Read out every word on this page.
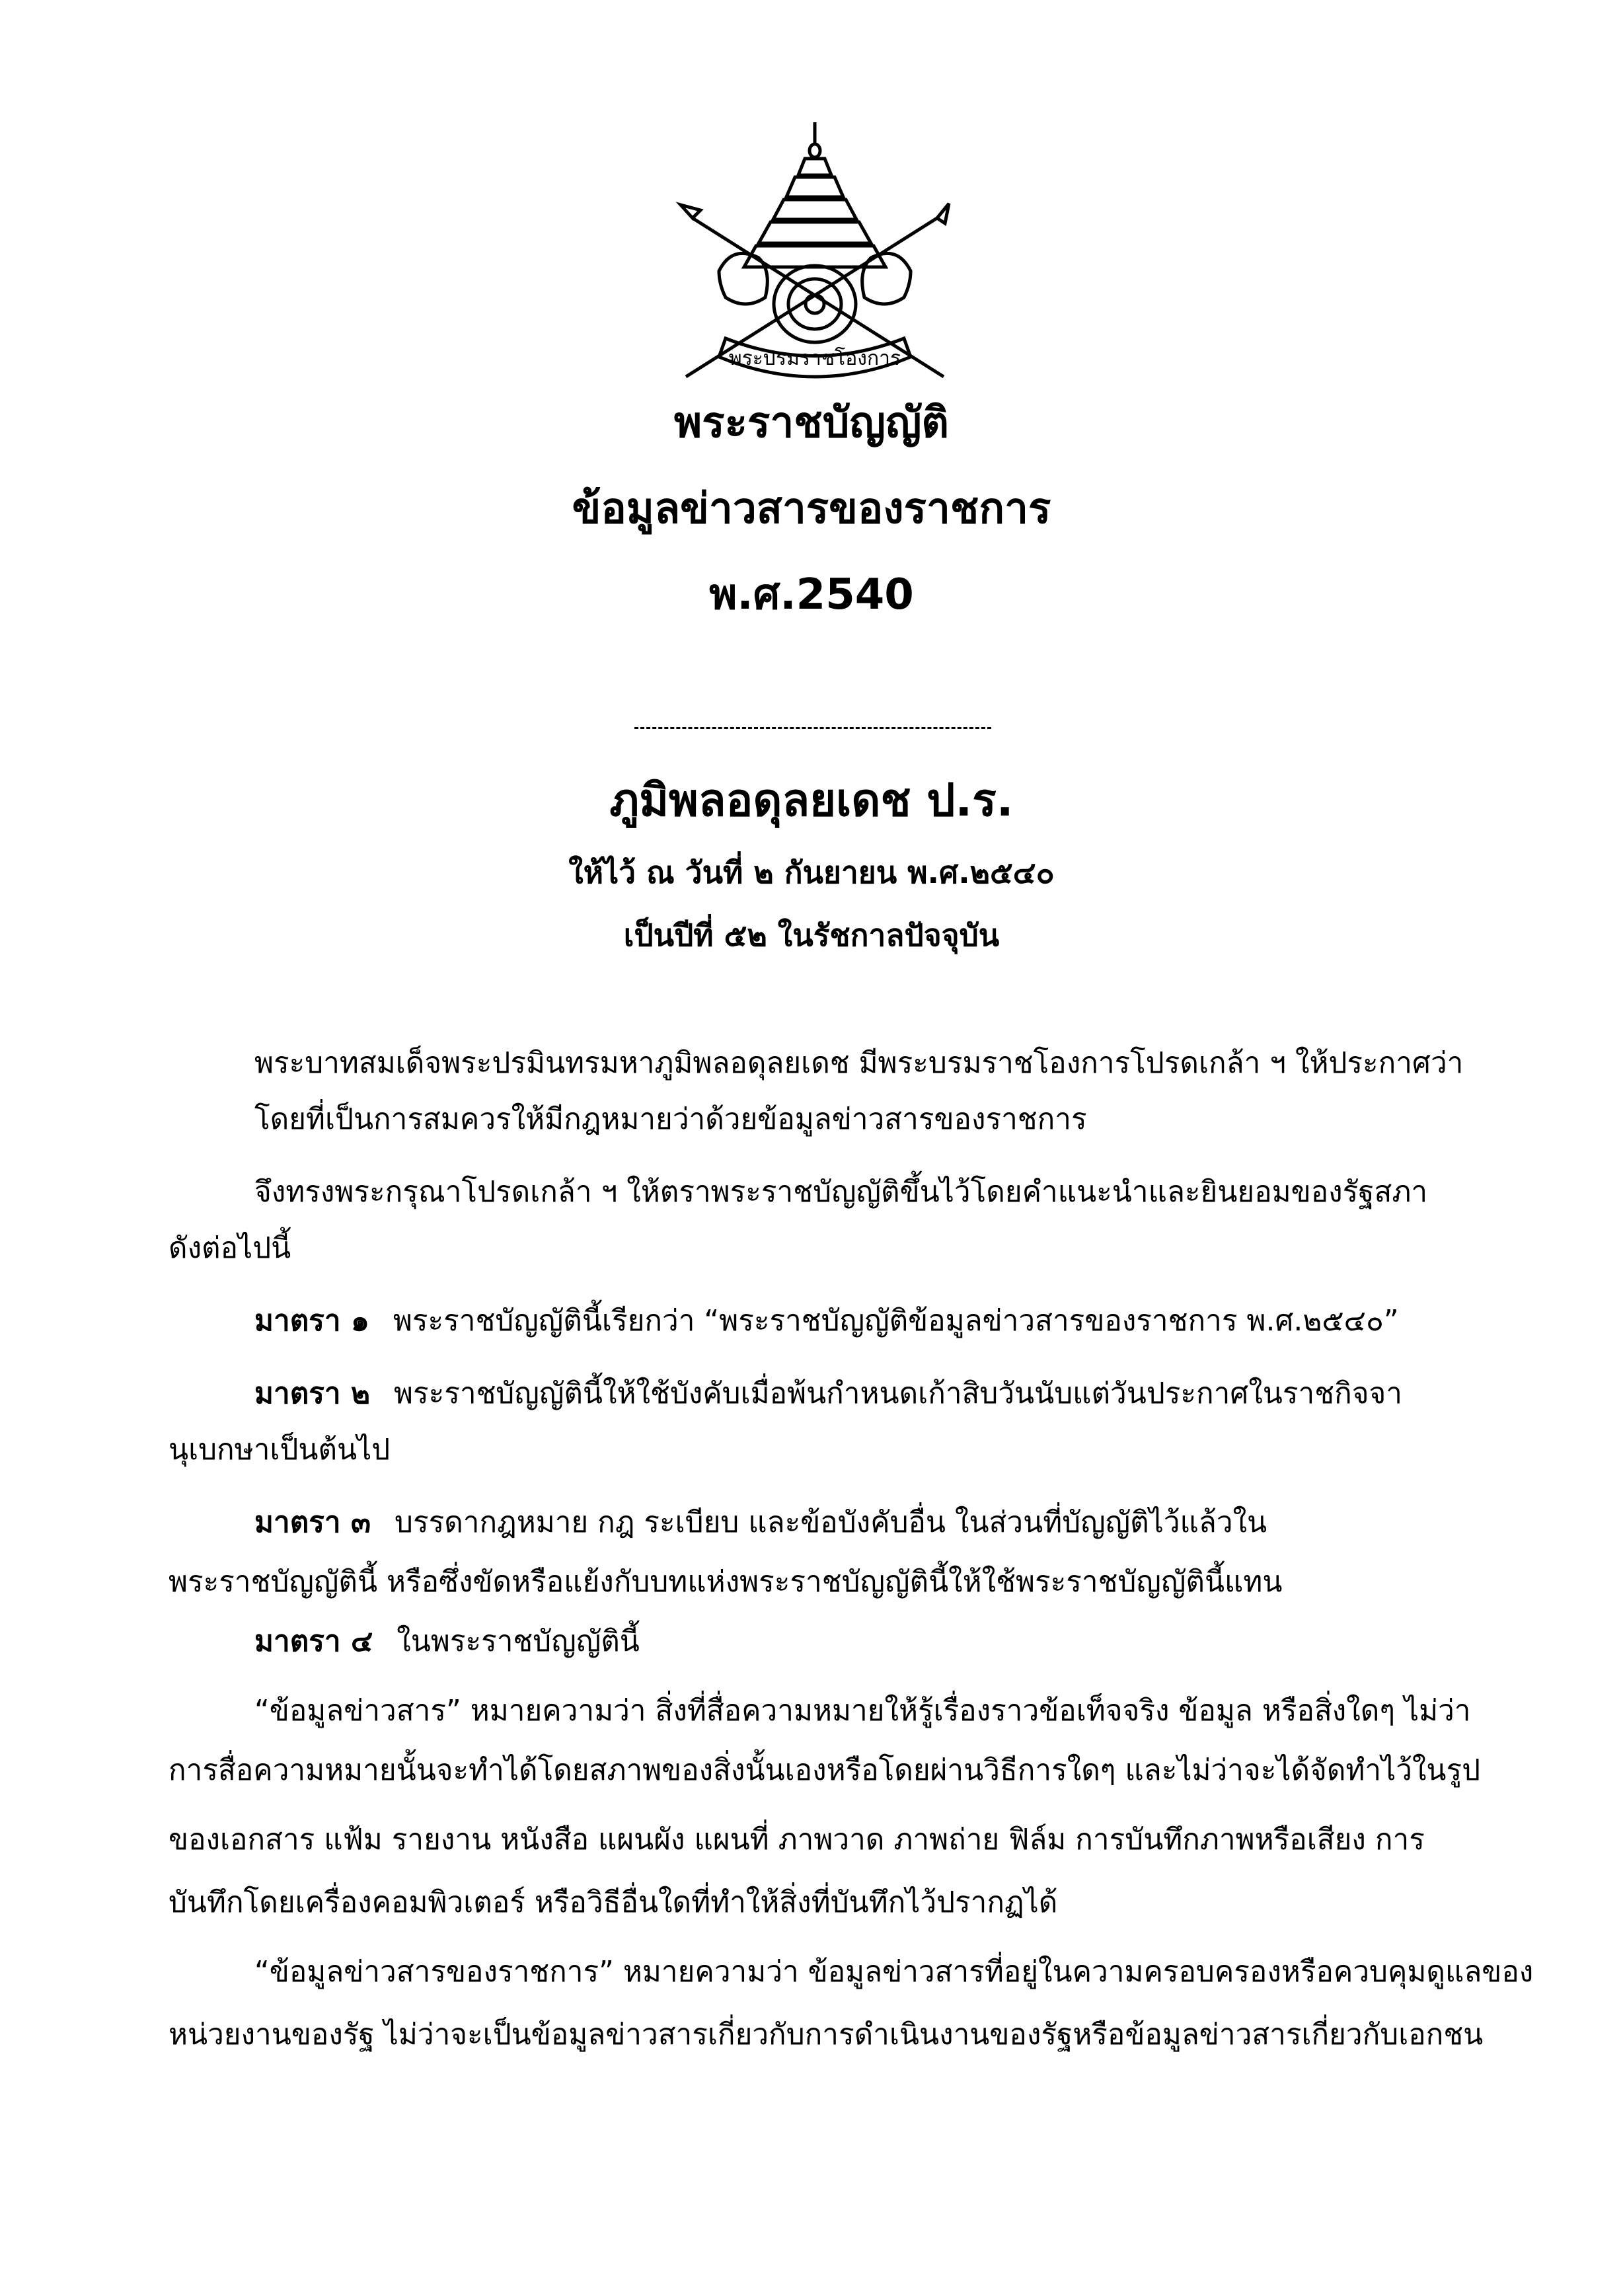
พระบรมราชโองการ
พระราชบัญญัติ
ข้อมูลข่าวสารของราชการ
พ.ศ.2540
ภูมิพลอดุลยเดช ป.ร.
ให้ไว้ ณ วันที่ ๒ กันยายน พ.ศ.๒๕๔๐
เป็นปีที่ ๕๒ ในรัชกาลปัจจุบัน
พระบาทสมเด็จพระปรมินทรมหาภูมิพลอดุลยเดช มีพระบรมราชโองการโปรดเกล้า ฯ ให้ประกาศว่า
โดยที่เป็นการสมควรให้มีกฎหมายว่าด้วยข้อมูลข่าวสารของราชการ
จึงทรงพระกรุณาโปรดเกล้า ฯ ให้ตราพระราชบัญญัติขึ้นไว้โดยคำแนะนำและยินยอมของรัฐสภา
ดังต่อไปนี้
มาตรา ๑ พระราชบัญญัตินี้เรียกว่า “พระราชบัญญัติข้อมูลข่าวสารของราชการ พ.ศ.๒๕๔๐”
มาตรา ๒ พระราชบัญญัตินี้ให้ใช้บังคับเมื่อพ้นกำหนดเก้าสิบวันนับแต่วันประกาศในราชกิจจา
นุเบกษาเป็นต้นไป
มาตรา ๓ บรรดากฎหมาย กฎ ระเบียบ และข้อบังคับอื่น ในส่วนที่บัญญัติไว้แล้วใน
พระราชบัญญัตินี้ หรือซึ่งขัดหรือแย้งกับบทแห่งพระราชบัญญัตินี้ให้ใช้พระราชบัญญัตินี้แทน
มาตรา ๔ ในพระราชบัญญัตินี้
“ข้อมูลข่าวสาร” หมายความว่า สิ่งที่สื่อความหมายให้รู้เรื่องราวข้อเท็จจริง ข้อมูล หรือสิ่งใดๆ ไม่ว่า
การสื่อความหมายนั้นจะทำได้โดยสภาพของสิ่งนั้นเองหรือโดยผ่านวิธีการใดๆ และไม่ว่าจะได้จัดทำไว้ในรูป
ของเอกสาร แฟ้ม รายงาน หนังสือ แผนผัง แผนที่ ภาพวาด ภาพถ่าย ฟิล์ม การบันทึกภาพหรือเสียง การ
บันทึกโดยเครื่องคอมพิวเตอร์ หรือวิธีอื่นใดที่ทำให้สิ่งที่บันทึกไว้ปรากฏได้
“ข้อมูลข่าวสารของราชการ” หมายความว่า ข้อมูลข่าวสารที่อยู่ในความครอบครองหรือควบคุมดูแลของ
หน่วยงานของรัฐ ไม่ว่าจะเป็นข้อมูลข่าวสารเกี่ยวกับการดำเนินงานของรัฐหรือข้อมูลข่าวสารเกี่ยวกับเอกชน
